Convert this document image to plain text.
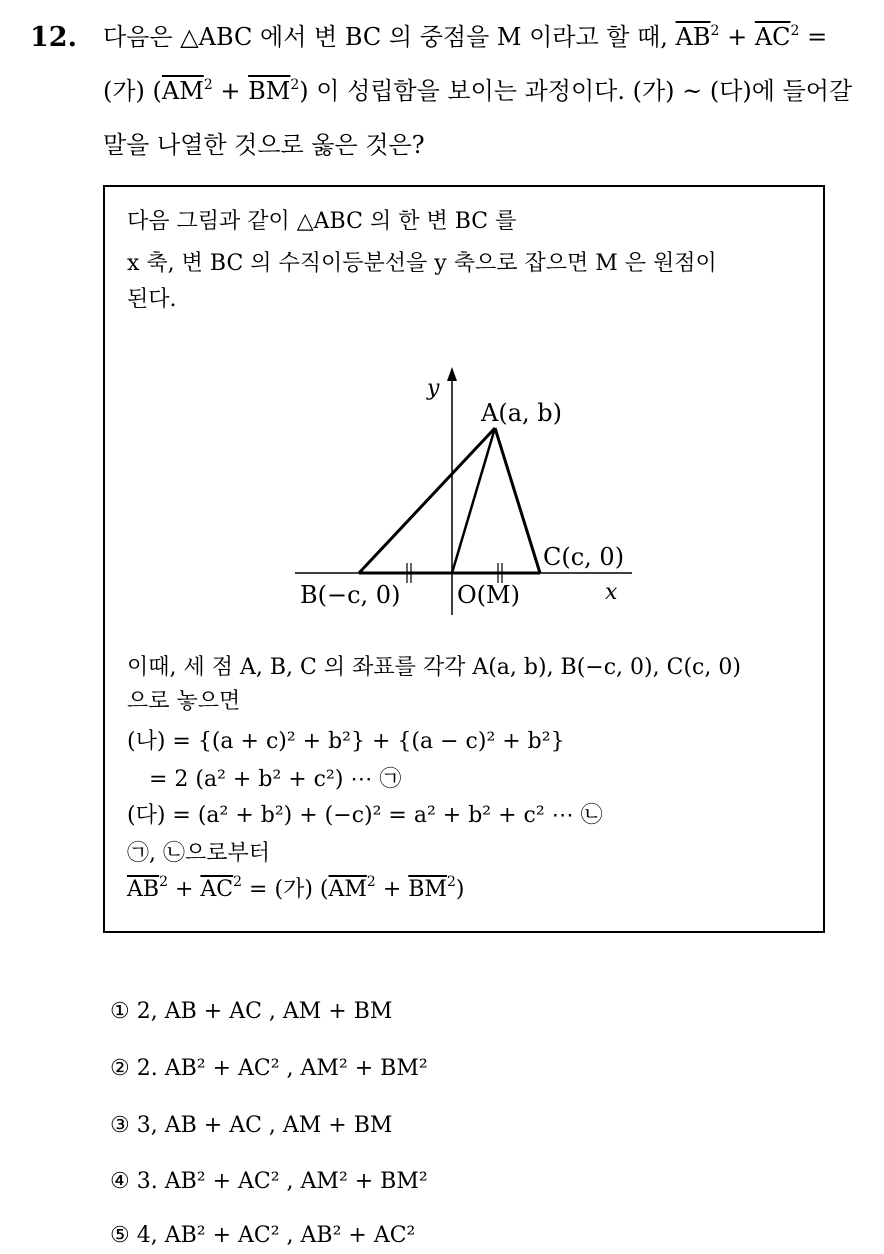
12. 다음은 △ABC 에서 변 BC 의 중점을 M 이라고 할 때, $\overline{AB}^2 + \overline{AC}^2$ =
(가) $(\overline{AM}^2 + \overline{BM}^2)$ 이 성립함을 보이는 과정이다. (가) ~ (다)에 들어갈
말을 나열한 것으로 옳은 것은?
다음 그림과 같이 △ABC 의 한 변 BC 를
x 축, 변 BC 의 수직이등분선을 y 축으로 잡으면 M 은 원점이
된다.
y
A(a, b)
C(c, 0)
B(−c, 0) O(M)	x
이때, 세 점 A, B, C 의 좌표를 각각 A(a, b), B(−c, 0), C(c, 0)
으로 놓으면
(나) = {(a + c)² + b²} + {(a − c)² + b²}
= 2 (a² + b² + c²) ⋯ ㉠
(다) = (a² + b²) + (−c)² = a² + b² + c² ⋯ ㉡
㉠, ㉡으로부터
$\overline{AB}^2 + \overline{AC}^2$ = (가) $(\overline{AM}^2 + \overline{BM}^2)$
① 2, AB + AC , AM + BM
② 2. AB² + AC² , AM² + BM²
③ 3, AB + AC , AM + BM
④ 3. AB² + AC² , AM² + BM²
⑤ 4, AB² + AC² , AB² + AC²
